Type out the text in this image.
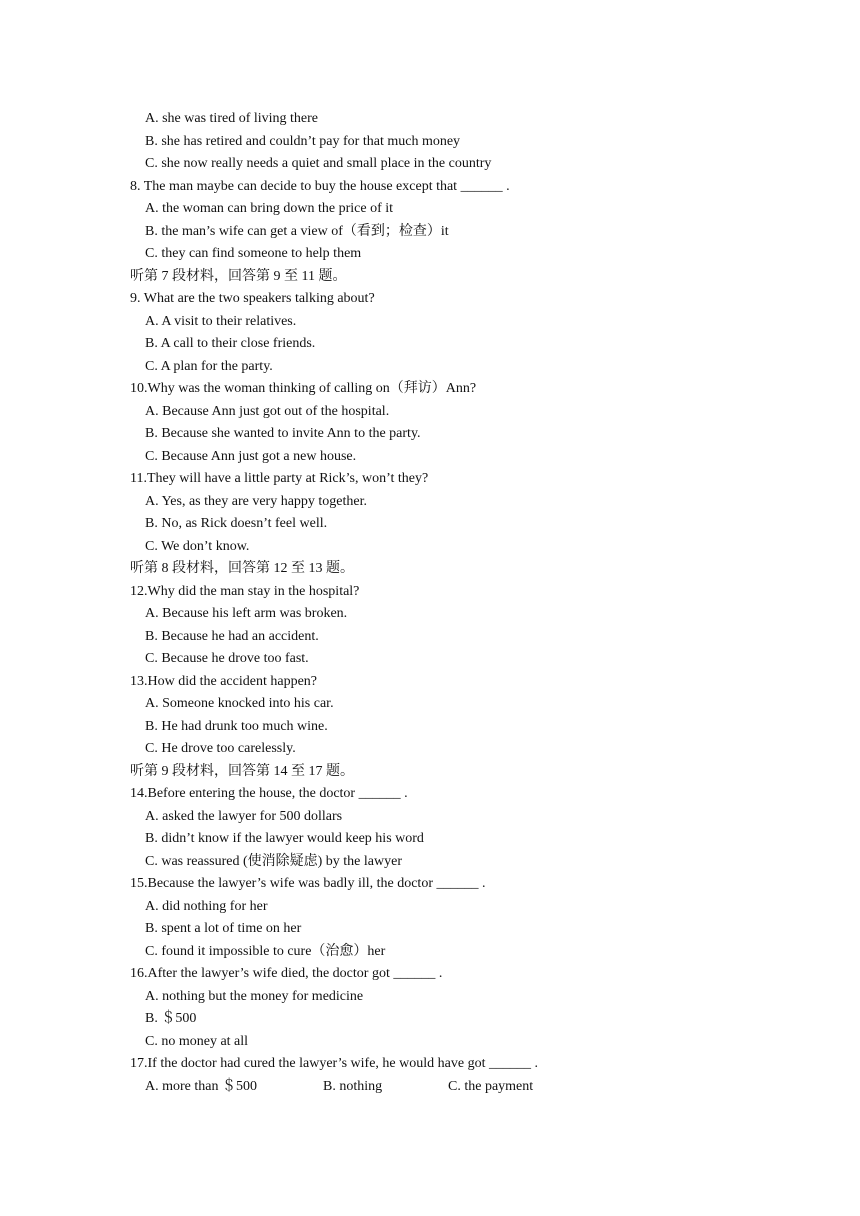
A. she was tired of living there
B. she has retired and couldn’t pay for that much money
C. she now really needs a quiet and small place in the country
8. The man maybe can decide to buy the house except that ______ .
A. the woman can bring down the price of it
B. the man’s wife can get a view of（看到；检查）it
C. they can find someone to help them
听第 7 段材料，回答第 9 至 11 题。
9. What are the two speakers talking about?
A. A visit to their relatives.
B. A call to their close friends.
C. A plan for the party.
10.Why was the woman thinking of calling on（拜访）Ann?
A. Because Ann just got out of the hospital.
B. Because she wanted to invite Ann to the party.
C. Because Ann just got a new house.
11.They will have a little party at Rick’s, won’t they?
A. Yes, as they are very happy together.
B. No, as Rick doesn’t feel well.
C. We don’t know.
听第 8 段材料，回答第 12 至 13 题。
12.Why did the man stay in the hospital?
A. Because his left arm was broken.
B. Because he had an accident.
C. Because he drove too fast.
13.How did the accident happen?
A. Someone knocked into his car.
B. He had drunk too much wine.
C. He drove too carelessly.
听第 9 段材料，回答第 14 至 17 题。
14.Before entering the house, the doctor ______ .
A. asked the lawyer for 500 dollars
B. didn’t know if the lawyer would keep his word
C. was reassured (使消除疑虑) by the lawyer
15.Because the lawyer’s wife was badly ill, the doctor ______ .
A. did nothing for her
B. spent a lot of time on her
C. found it impossible to cure（治愈）her
16.After the lawyer’s wife died, the doctor got ______ .
A. nothing but the money for medicine
B. ＄500
C. no money at all
17.If the doctor had cured the lawyer’s wife, he would have got ______ .
A. more than ＄500	B. nothing	C. the payment
